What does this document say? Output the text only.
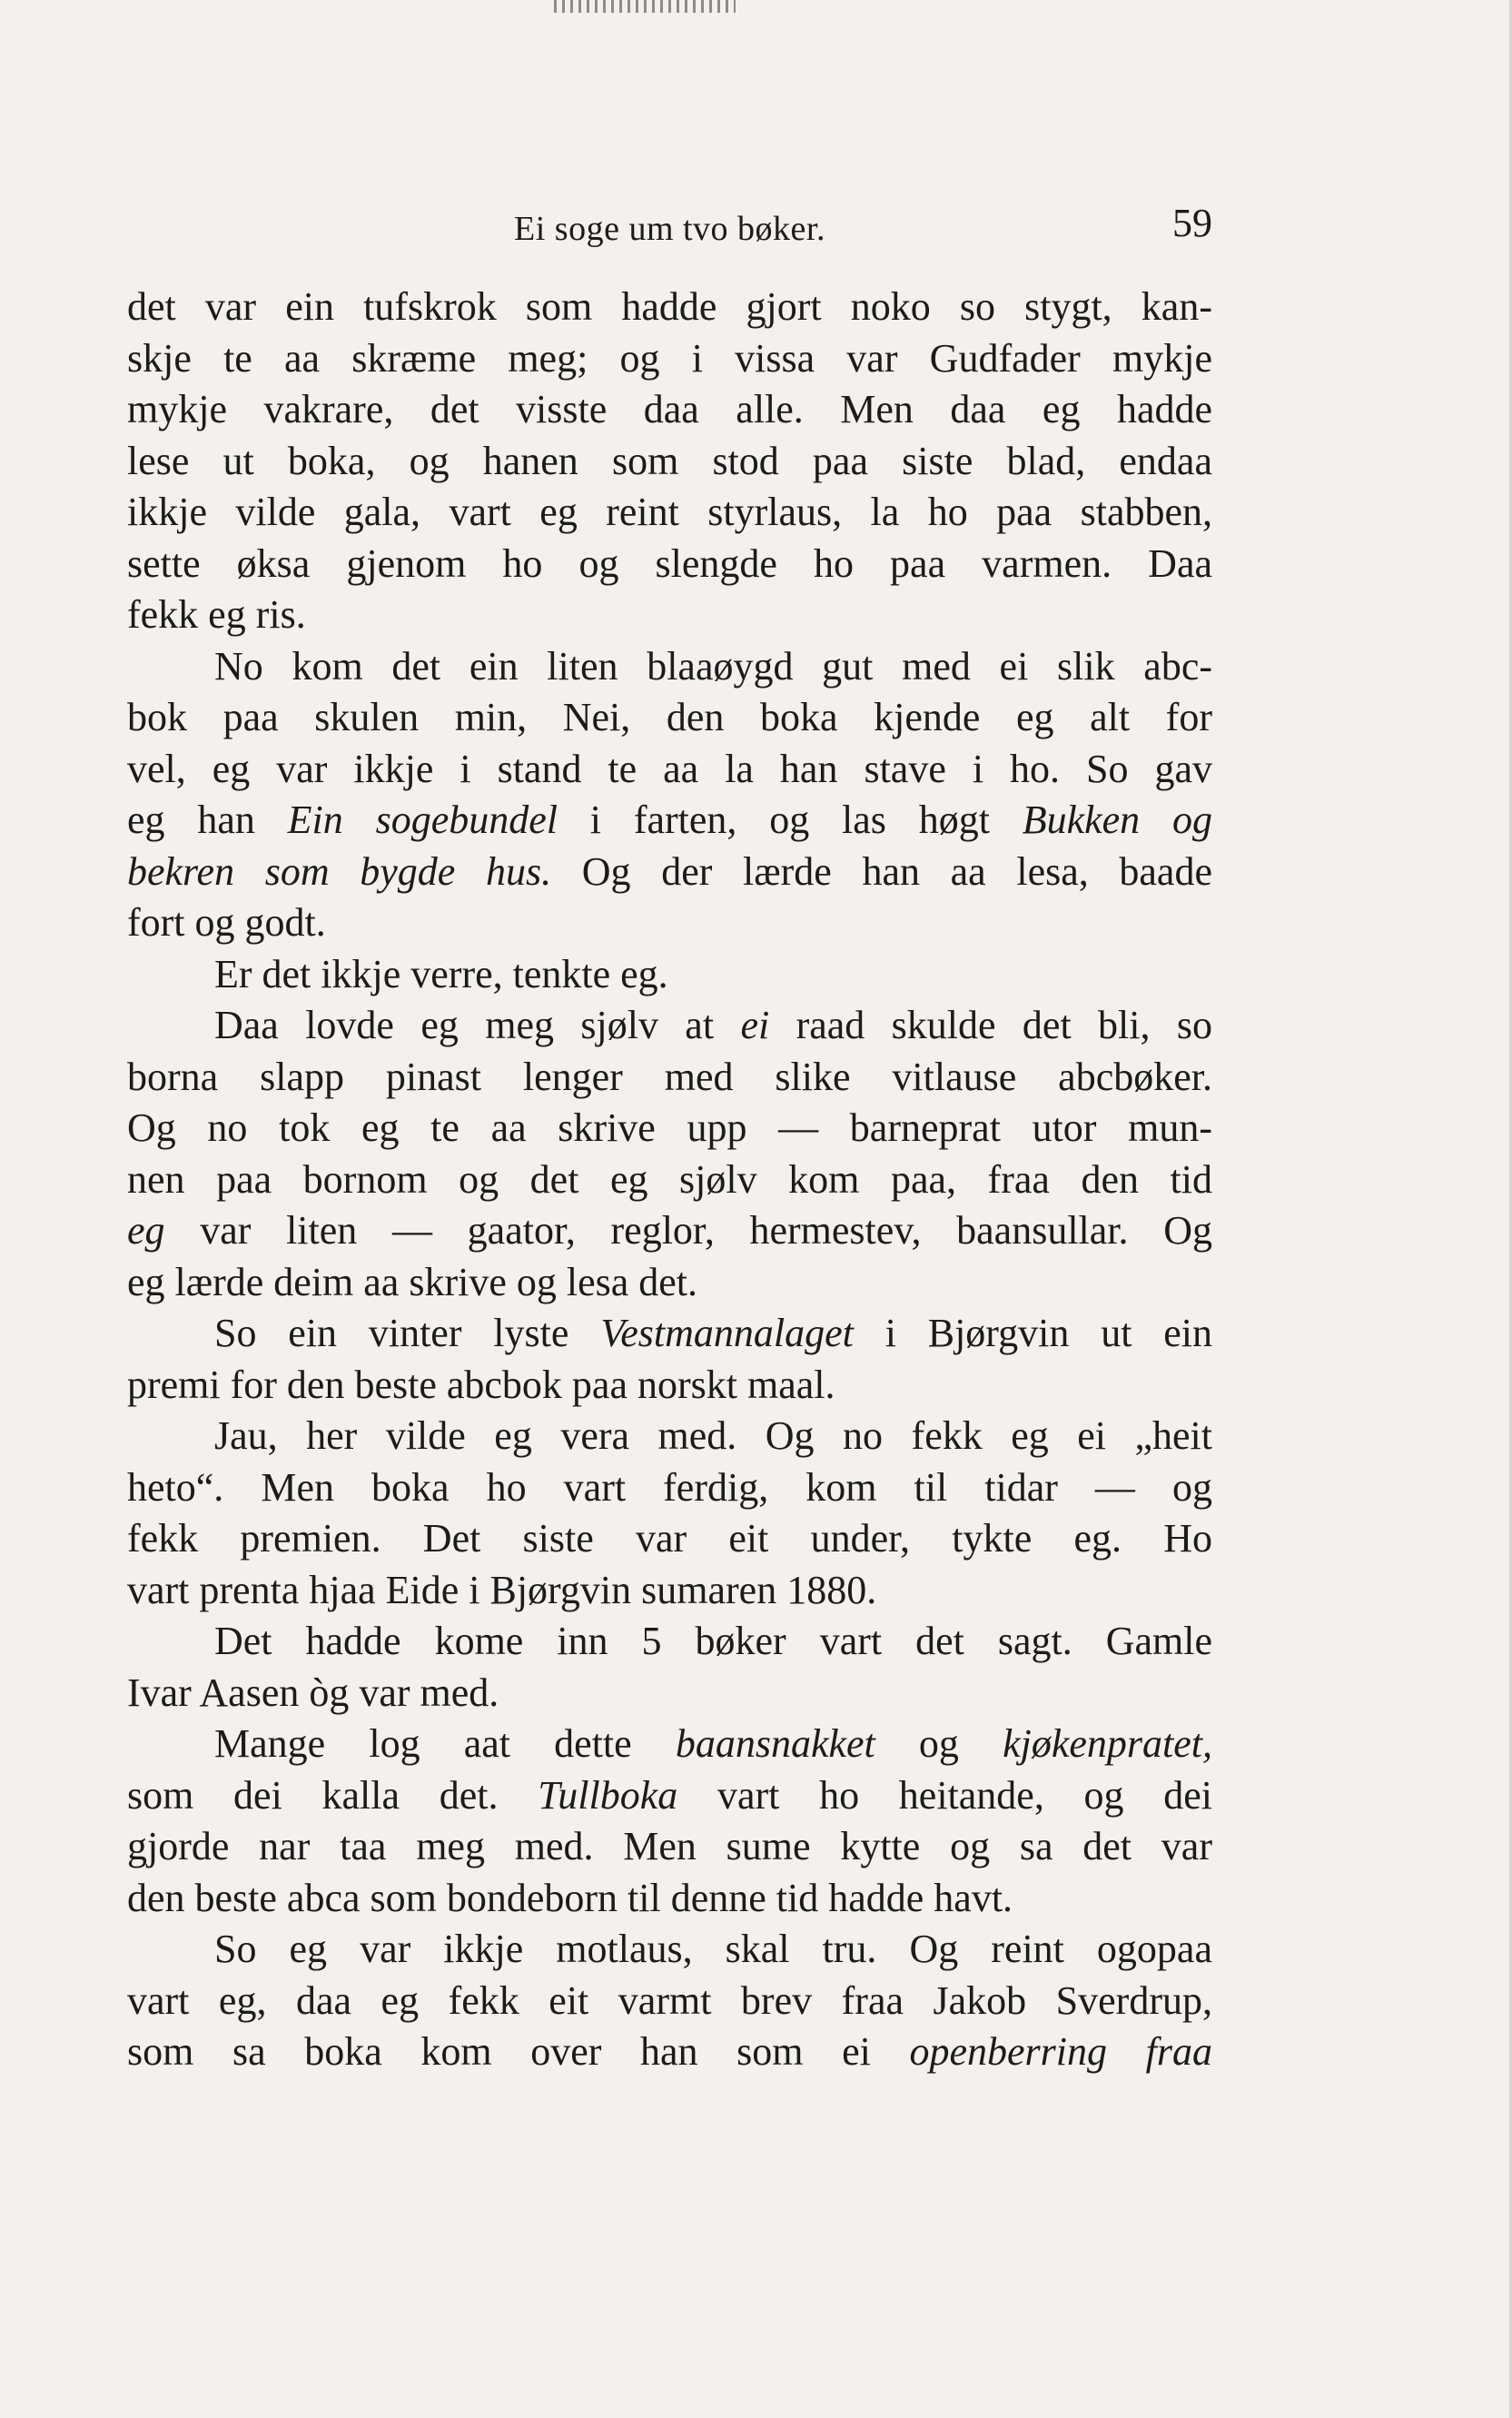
Ei soge um tvo bøker.	59
det var ein tufskrok som hadde gjort noko so stygt, kan-
skje te aa skræme meg; og i vissa var Gudfader mykje
mykje vakrare, det visste daa alle. Men daa eg hadde
lese ut boka, og hanen som stod paa siste blad, endaa
ikkje vilde gala, vart eg reint styrlaus, la ho paa stabben,
sette øksa gjenom ho og slengde ho paa varmen. Daa
fekk eg ris.
No kom det ein liten blaaøygd gut med ei slik abc-
bok paa skulen min, Nei, den boka kjende eg alt for
vel, eg var ikkje i stand te aa la han stave i ho. So gav
eg han Ein sogebundel i farten, og las høgt Bukken og
bekren som bygde hus. Og der lærde han aa lesa, baade
fort og godt.
Er det ikkje verre, tenkte eg.
Daa lovde eg meg sjølv at ei raad skulde det bli, so
borna slapp pinast lenger med slike vitlause abcbøker.
Og no tok eg te aa skrive upp — barneprat utor mun-
nen paa bornom og det eg sjølv kom paa, fraa den tid
eg var liten — gaator, reglor, hermestev, baansullar. Og
eg lærde deim aa skrive og lesa det.
So ein vinter lyste Vestmannalaget i Bjørgvin ut ein
premi for den beste abcbok paa norskt maal.
Jau, her vilde eg vera med. Og no fekk eg ei „heit
heto“. Men boka ho vart ferdig, kom til tidar — og
fekk premien. Det siste var eit under, tykte eg. Ho
vart prenta hjaa Eide i Bjørgvin sumaren 1880.
Det hadde kome inn 5 bøker vart det sagt. Gamle
Ivar Aasen òg var med.
Mange log aat dette baansnakket og kjøkenpratet,
som dei kalla det. Tullboka vart ho heitande, og dei
gjorde nar taa meg med. Men sume kytte og sa det var
den beste abca som bondeborn til denne tid hadde havt.
So eg var ikkje motlaus, skal tru. Og reint ogopaa
vart eg, daa eg fekk eit varmt brev fraa Jakob Sverdrup,
som sa boka kom over han som ei openberring fraa
